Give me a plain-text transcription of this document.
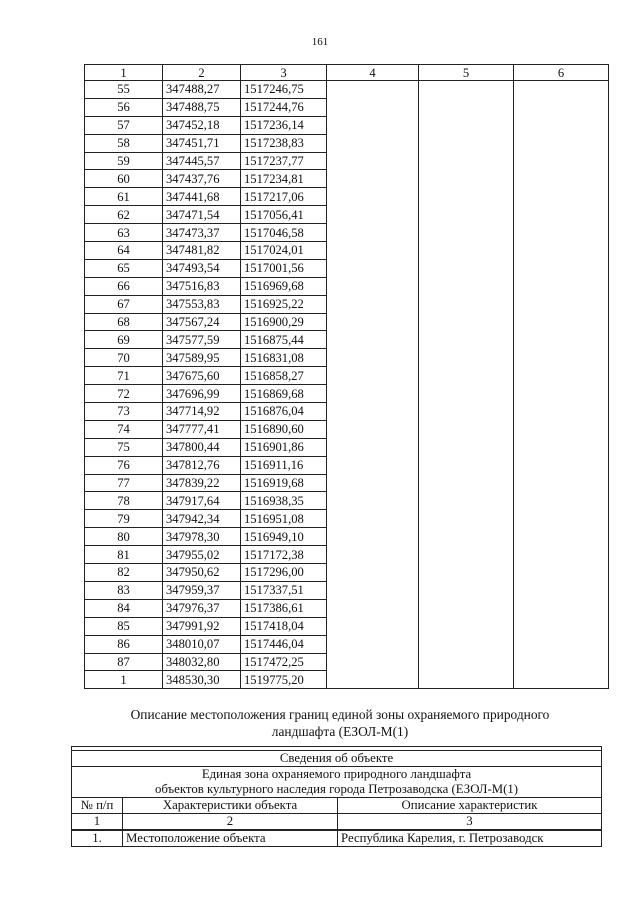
161
1	2	3	4	5	6
55	347488,27	1517246,75			
56	347488,75	1517244,76			
57	347452,18	1517236,14			
58	347451,71	1517238,83			
59	347445,57	1517237,77			
60	347437,76	1517234,81			
61	347441,68	1517217,06			
62	347471,54	1517056,41			
63	347473,37	1517046,58			
64	347481,82	1517024,01			
65	347493,54	1517001,56			
66	347516,83	1516969,68			
67	347553,83	1516925,22			
68	347567,24	1516900,29			
69	347577,59	1516875,44			
70	347589,95	1516831,08			
71	347675,60	1516858,27			
72	347696,99	1516869,68			
73	347714,92	1516876,04			
74	347777,41	1516890,60			
75	347800,44	1516901,86			
76	347812,76	1516911,16			
77	347839,22	1516919,68			
78	347917,64	1516938,35			
79	347942,34	1516951,08			
80	347978,30	1516949,10			
81	347955,02	1517172,38			
82	347950,62	1517296,00			
83	347959,37	1517337,51			
84	347976,37	1517386,61			
85	347991,92	1517418,04			
86	348010,07	1517446,04			
87	348032,80	1517472,25			
1	348530,30	1519775,20			
Описание местоположения границ единой зоны охраняемого природного
ландшафта (ЕЗОЛ-М(1)

Сведения об объекте		

Единая зона охраняемого природного ландшафта
объектов культурного наследия города Петрозаводска (ЕЗОЛ-М(1)		

№ п/п	Характеристики объекта	Описание характеристик
1	2	3
1.	Местоположение объекта	Республика Карелия, г. Петрозаводск
